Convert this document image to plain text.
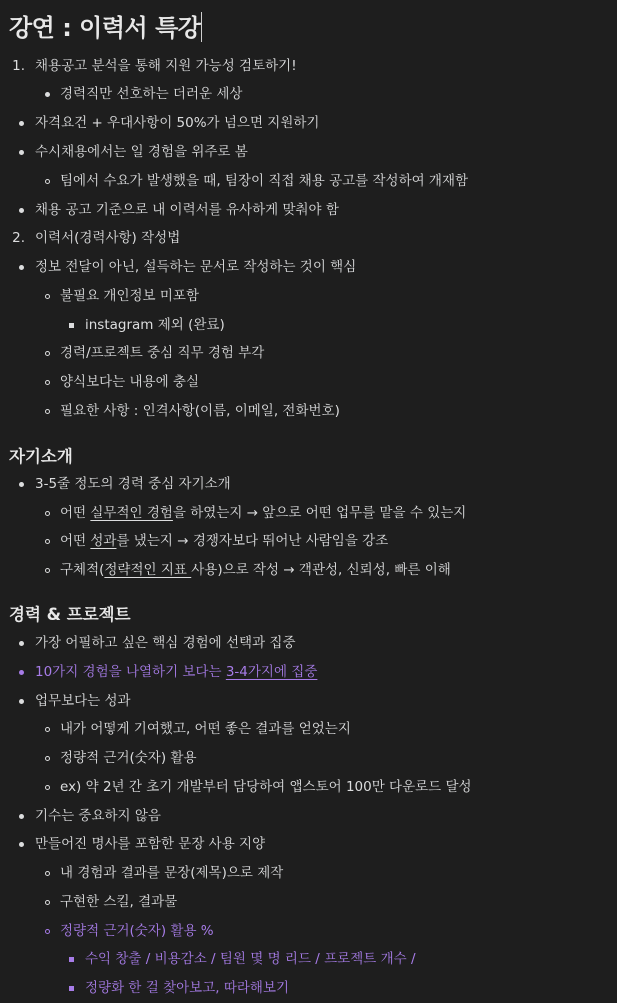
강연 : 이력서 특강
1. 채용공고 분석을 통해 지원 가능성 검토하기!
경력직만 선호하는 더러운 세상
자격요건 + 우대사항이 50%가 넘으면 지원하기
수시채용에서는 일 경험을 위주로 봄
팀에서 수요가 발생했을 때, 팀장이 직접 채용 공고를 작성하여 개재함
채용 공고 기준으로 내 이력서를 유사하게 맞춰야 함
2. 이력서(경력사항) 작성법
정보 전달이 아닌, 설득하는 문서로 작성하는 것이 핵심
불필요 개인정보 미포함
instagram 제외 (완료)
경력/프로젝트 중심 직무 경험 부각
양식보다는 내용에 충실
필요한 사항 : 인격사항(이름, 이메일, 전화번호)
자기소개
3-5줄 정도의 경력 중심 자기소개
어떤 실무적인 경험을 하였는지 → 앞으로 어떤 업무를 맡을 수 있는지
어떤 성과를 냈는지 → 경쟁자보다 뛰어난 사람임을 강조
구체적(정략적인 지표 사용)으로 작성 → 객관성, 신뢰성, 빠른 이해
경력 & 프로젝트
가장 어필하고 싶은 핵심 경험에 선택과 집중
10가지 경험을 나열하기 보다는 3-4가지에 집중
업무보다는 성과
내가 어떻게 기여했고, 어떤 좋은 결과를 얻었는지
정량적 근거(숫자) 활용
ex) 약 2년 간 초기 개발부터 담당하여 앱스토어 100만 다운로드 달성
기수는 중요하지 않음
만들어진 명사를 포함한 문장 사용 지양
내 경험과 결과를 문장(제목)으로 제작
구현한 스킬, 결과물
정량적 근거(숫자) 활용 %
수익 창출 / 비용감소 / 팀원 몇 명 리드 / 프로젝트 개수 /
정량화 한 걸 찾아보고, 따라해보기
